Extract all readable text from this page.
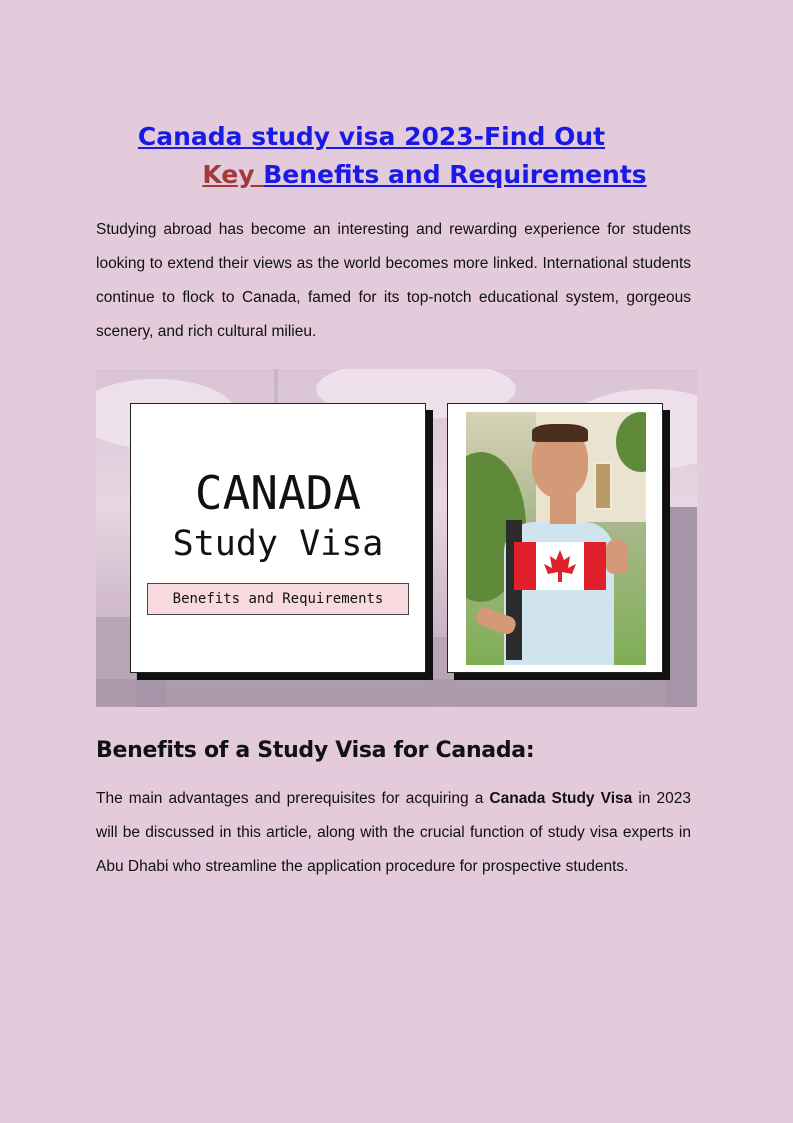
Canada study visa 2023-Find Out
Key Benefits and Requirements

Studying abroad has become an interesting and rewarding experience for students looking to extend their views as the world becomes more linked. International students continue to flock to Canada, famed for its top-notch educational system, gorgeous scenery, and rich cultural milieu.

CANADA
Study Visa
Benefits and Requirements
Benefits of a Study Visa for Canada:

The main advantages and prerequisites for acquiring a Canada Study Visa in 2023 will be discussed in this article, along with the crucial function of study visa experts in Abu Dhabi who streamline the application procedure for prospective students.
